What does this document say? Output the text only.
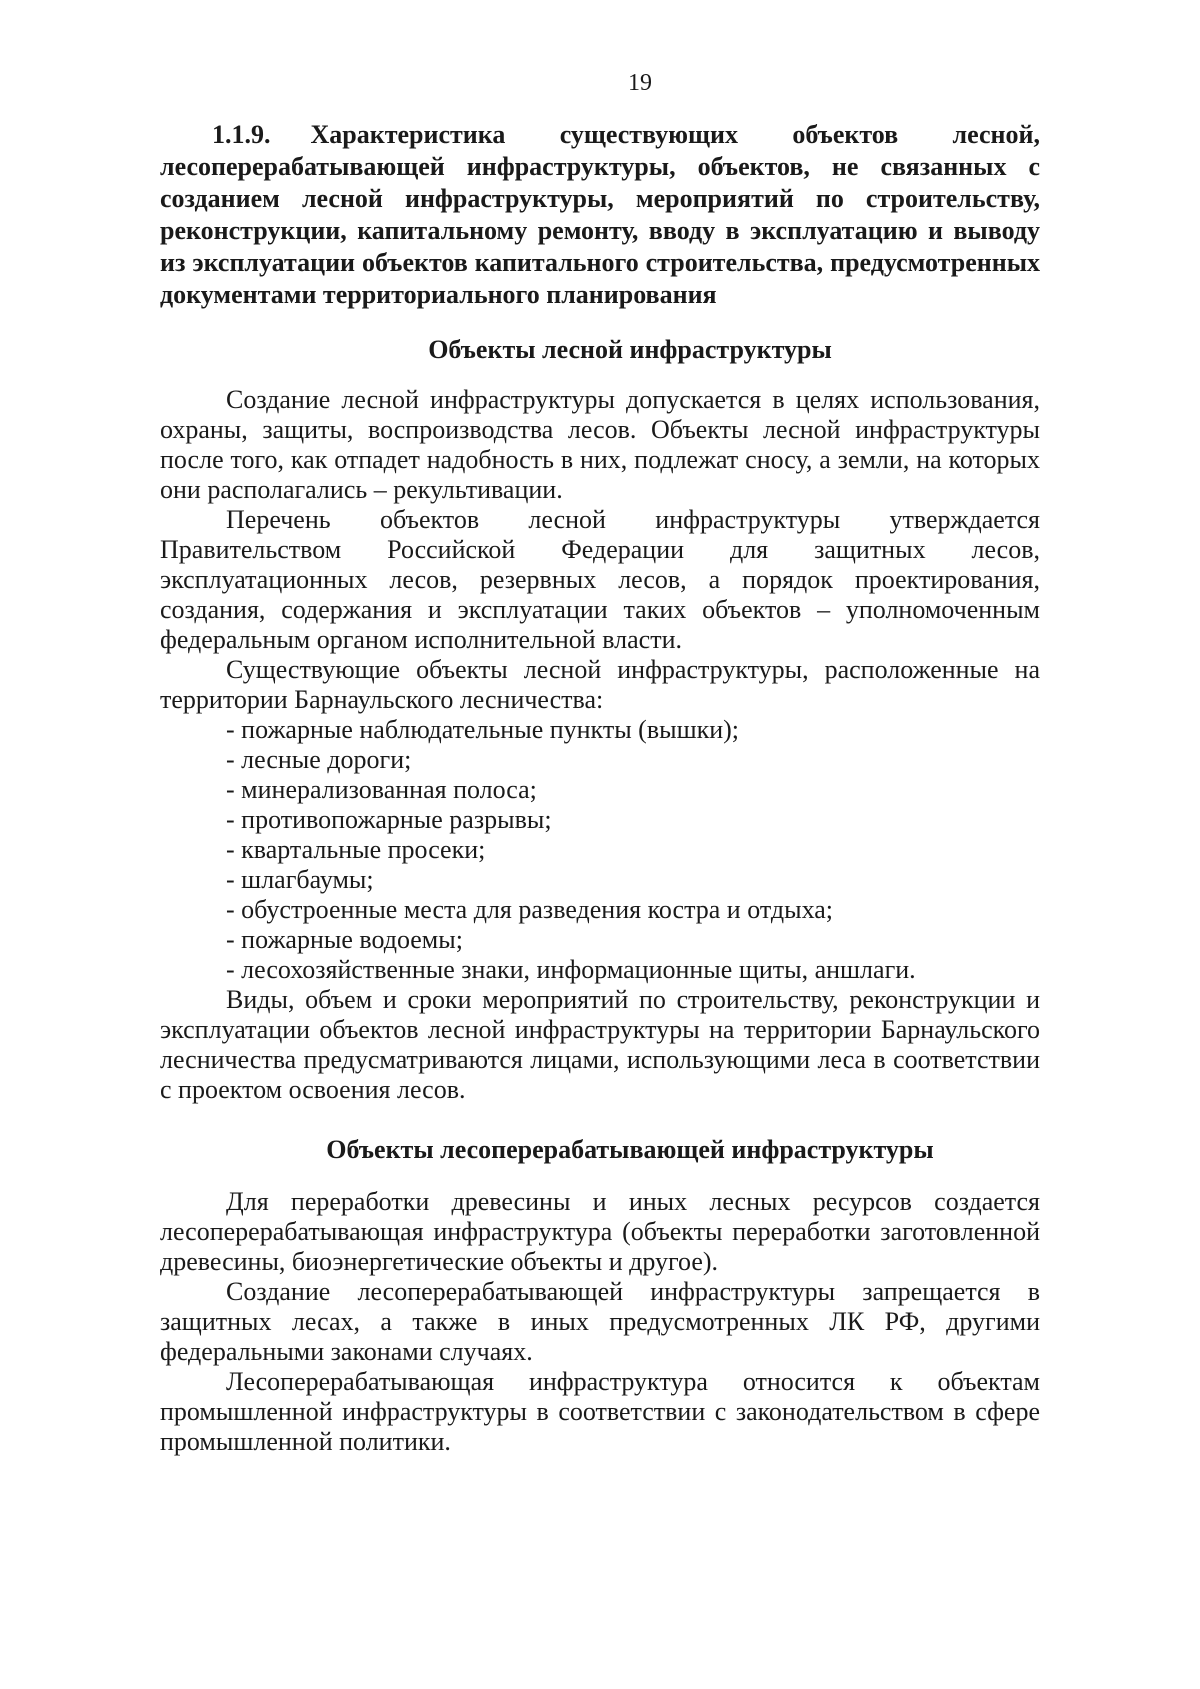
19
1.1.9. Характеристика существующих объектов лесной, лесоперерабатывающей инфраструктуры, объектов, не связанных с созданием лесной инфраструктуры, мероприятий по строительству, реконструкции, капитальному ремонту, вводу в эксплуатацию и выводу из эксплуатации объектов капитального строительства, предусмотренных документами территориального планирования
Объекты лесной инфраструктуры

Создание лесной инфраструктуры допускается в целях использования, охраны, защиты, воспроизводства лесов. Объекты лесной инфраструктуры после того, как отпадет надобность в них, подлежат сносу, а земли, на которых они располагались – рекультивации.

Перечень объектов лесной инфраструктуры утверждается Правительством Российской Федерации для защитных лесов, эксплуатационных лесов, резервных лесов, а порядок проектирования, создания, содержания и эксплуатации таких объектов – уполномоченным федеральным органом исполнительной власти.

Существующие объекты лесной инфраструктуры, расположенные на территории Барнаульского лесничества:

- пожарные наблюдательные пункты (вышки);
- лесные дороги;
- минерализованная полоса;
- противопожарные разрывы;
- квартальные просеки;
- шлагбаумы;
- обустроенные места для разведения костра и отдыха;
- пожарные водоемы;
- лесохозяйственные знаки, информационные щиты, аншлаги.

Виды, объем и сроки мероприятий по строительству, реконструкции и эксплуатации объектов лесной инфраструктуры на территории Барнаульского лесничества предусматриваются лицами, использующими леса в соответствии с проектом освоения лесов.

Объекты лесоперерабатывающей инфраструктуры

Для переработки древесины и иных лесных ресурсов создается лесоперерабатывающая инфраструктура (объекты переработки заготовленной древесины, биоэнергетические объекты и другое).

Создание лесоперерабатывающей инфраструктуры запрещается в защитных лесах, а также в иных предусмотренных ЛК РФ, другими федеральными законами случаях.

Лесоперерабатывающая инфраструктура относится к объектам промышленной инфраструктуры в соответствии с законодательством в сфере промышленной политики.
